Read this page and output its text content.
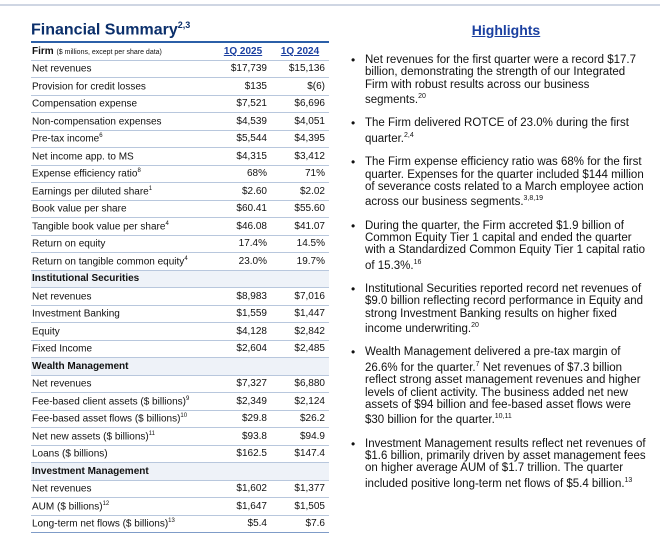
Financial Summary$^{2,3}$
Firm ($ millions, except per share data)	1Q 2025	1Q 2024
Net revenues	$17,739	$15,136
Provision for credit losses	$135	$(6)
Compensation expense	$7,521	$6,696
Non-compensation expenses	$4,539	$4,051
Pre-tax income$^6$	$5,544	$4,395
Net income app. to MS	$4,315	$3,412
Expense efficiency ratio$^8$	68%	71%
Earnings per diluted share$^1$	$2.60	$2.02
Book value per share	$60.41	$55.60
Tangible book value per share$^4$	$46.08	$41.07
Return on equity	17.4%	14.5%
Return on tangible common equity$^4$	23.0%	19.7%
Institutional Securities		
Net revenues	$8,983	$7,016
Investment Banking	$1,559	$1,447
Equity	$4,128	$2,842
Fixed Income	$2,604	$2,485
Wealth Management		
Net revenues	$7,327	$6,880
Fee-based client assets ($ billions)$^9$	$2,349	$2,124
Fee-based asset flows ($ billions)$^{10}$	$29.8	$26.2
Net new assets ($ billions)$^{11}$	$93.8	$94.9
Loans ($ billions)	$162.5	$147.4
Investment Management		
Net revenues	$1,602	$1,377
AUM ($ billions)$^{12}$	$1,647	$1,505
Long-term net flows ($ billions)$^{13}$	$5.4	$7.6
Highlights
• Net revenues for the first quarter were a record $17.7 billion, demonstrating the strength of our Integrated Firm with robust results across our business segments.$^{20}$
• The Firm delivered ROTCE of 23.0% during the first quarter.$^{2,4}$
• The Firm expense efficiency ratio was 68% for the first quarter. Expenses for the quarter included $144 million of severance costs related to a March employee action across our business segments.$^{3,8,19}$
• During the quarter, the Firm accreted $1.9 billion of Common Equity Tier 1 capital and ended the quarter with a Standardized Common Equity Tier 1 capital ratio of 15.3%.$^{16}$
• Institutional Securities reported record net revenues of $9.0 billion reflecting record performance in Equity and strong Investment Banking results on higher fixed income underwriting.$^{20}$
• Wealth Management delivered a pre-tax margin of 26.6% for the quarter.$^7$ Net revenues of $7.3 billion reflect strong asset management revenues and higher levels of client activity. The business added net new assets of $94 billion and fee-based asset flows were $30 billion for the quarter.$^{10,11}$
• Investment Management results reflect net revenues of $1.6 billion, primarily driven by asset management fees on higher average AUM of $1.7 trillion. The quarter included positive long-term net flows of $5.4 billion.$^{13}$
